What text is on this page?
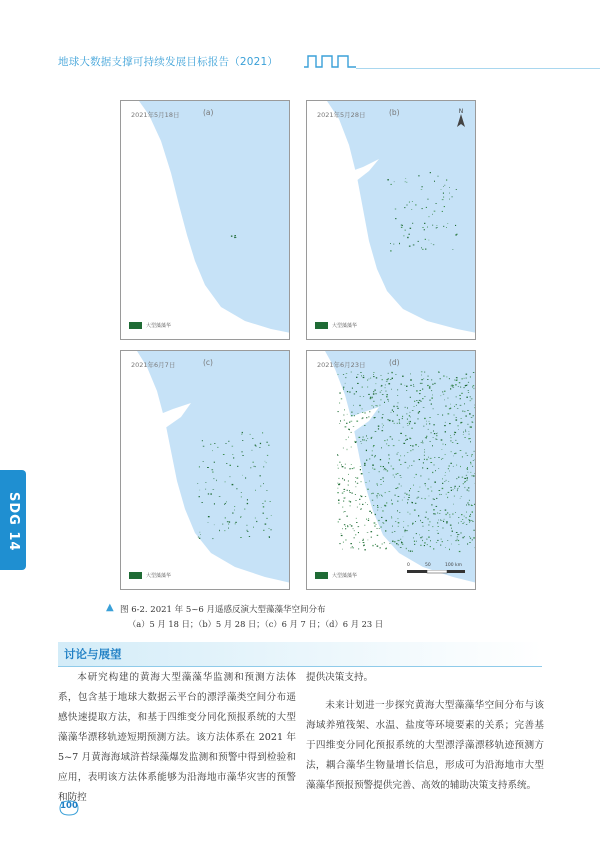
地球大数据支撑可持续发展目标报告（2021）
2021年5月18日	(a)
大型藻藻华
2021年5月28日	(b)	N
大型藻藻华
2021年6月7日	(c)
大型藻藻华
2021年6月23日	(d)
大型藻藻华
0	50	100 km
▲ 图 6-2. 2021 年 5~6 月遥感反演大型藻藻华空间分布
（a）5 月 18 日；（b）5 月 28 日；（c）6 月 7 日；（d）6 月 23 日
讨论与展望

本研究构建的黄海大型藻藻华监测和预测方法体系，包含基于地球大数据云平台的漂浮藻类空间分布遥感快速提取方法，和基于四维变分同化预报系统的大型藻藻华漂移轨迹短期预测方法。该方法体系在 2021 年 5~7 月黄海海域浒苔绿藻爆发监测和预警中得到检验和应用，表明该方法体系能够为沿海地市藻华灾害的预警和防控

提供决策支持。

未来计划进一步探究黄海大型藻藻华空间分布与该海域养殖筏架、水温、盐度等环境要素的关系；完善基于四维变分同化预报系统的大型漂浮藻漂移轨迹预测方法，耦合藻华生物量增长信息，形成可为沿海地市大型藻藻华预报预警提供完善、高效的辅助决策支持系统。

SDG 14
100
